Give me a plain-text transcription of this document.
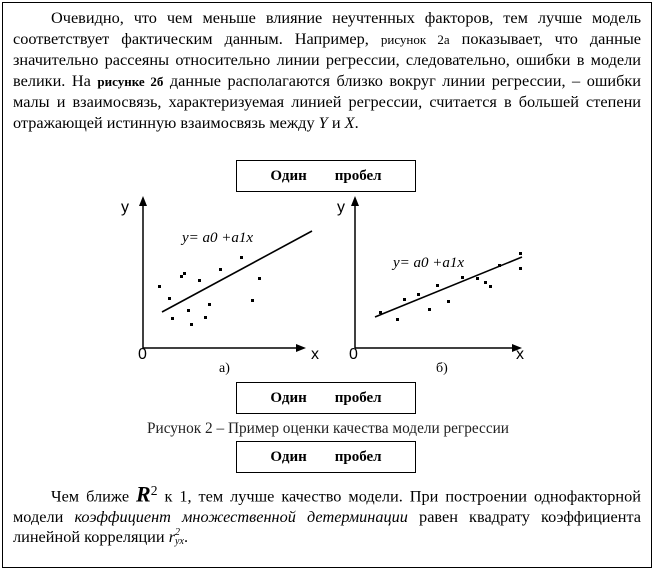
Очевидно, что чем меньше влияние неучтенных факторов, тем лучше модель соответствует фактическим данным. Например, рисунок 2а показывает, что данные значительно рассеяны относительно линии регрессии, следовательно, ошибки в модели велики. На рисунке 2б данные располагаются близко вокруг линии регрессии, – ошибки малы и взаимосвязь, характеризуемая линией регрессии, считается в большей степени отражающей истинную взаимосвязь между Y и X.

Один пробел
y
x
0
y= a0 +a1x
а)
y
x
0
y= a0 +a1x
б)
Один пробел
Рисунок 2 – Пример оценки качества модели регрессии
Один пробел

Чем ближе $R^2$ к 1, тем лучше качество модели. При построении однофакторной модели коэффициент множественной детерминации равен квадрату коэффициента линейной корреляции r 2
yx .
